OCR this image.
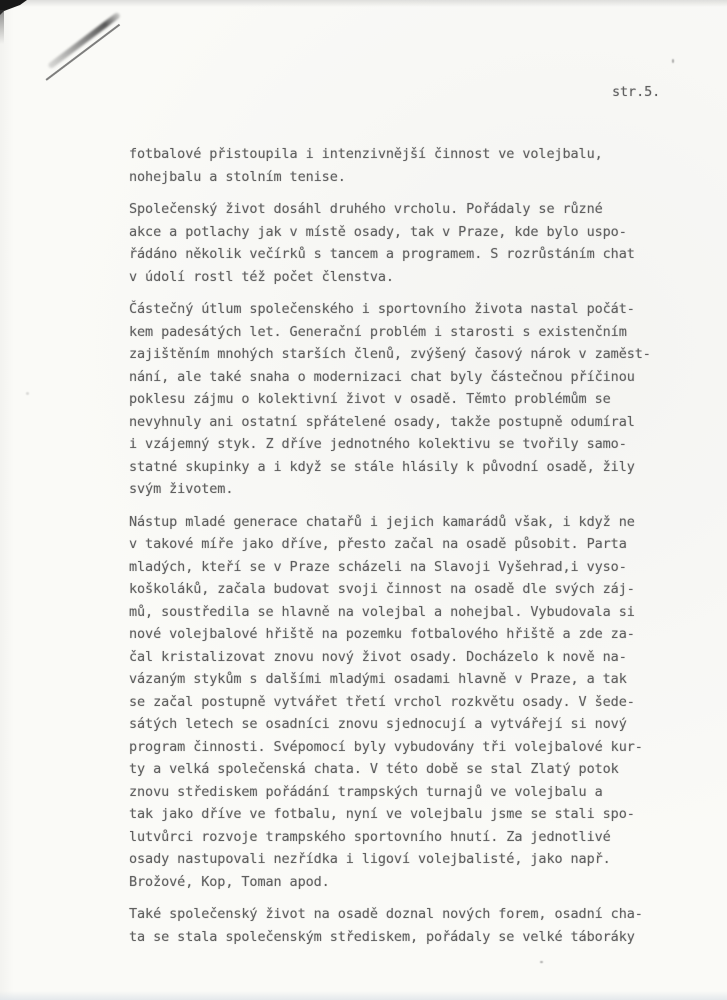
str.5.
fotbalové přistoupila i intenzivnější činnost ve volejbalu,
nohejbalu a stolním tenise.
Společenský život dosáhl druhého vrcholu. Pořádaly se různé
akce a potlachy jak v místě osady, tak v Praze, kde bylo uspo-
řádáno několik večírků s tancem a programem. S rozrůstáním chat
v údolí rostl též počet členstva.
Částečný útlum společenského i sportovního života nastal počát-
kem padesátých let. Generační problém i starosti s existenčním
zajištěním mnohých starších členů, zvýšený časový nárok v zaměst-
nání, ale také snaha o modernizaci chat byly částečnou příčinou
poklesu zájmu o kolektivní život v osadě. Těmto problémům se
nevyhnuly ani ostatní spřátelené osady, takže postupně odumíral
i vzájemný styk. Z dříve jednotného kolektivu se tvořily samo-
statné skupinky a i když se stále hlásily k původní osadě, žily
svým životem.
Nástup mladé generace chatařů i jejich kamarádů však, i když ne
v takové míře jako dříve, přesto začal na osadě působit. Parta
mladých, kteří se v Praze scházeli na Slavoji Vyšehrad,i vyso-
koškoláků, začala budovat svoji činnost na osadě dle svých záj-
mů, soustředila se hlavně na volejbal a nohejbal. Vybudovala si
nové volejbalové hřiště na pozemku fotbalového hřiště a zde za-
čal kristalizovat znovu nový život osady. Docházelo k nově na-
vázaným stykům s dalšími mladými osadami hlavně v Praze, a tak
se začal postupně vytvářet třetí vrchol rozkvětu osady. V šede-
sátých letech se osadníci znovu sjednocují a vytvářejí si nový
program činnosti. Svépomocí byly vybudovány tři volejbalové kur-
ty a velká společenská chata. V této době se stal Zlatý potok
znovu střediskem pořádání trampských turnajů ve volejbalu a
tak jako dříve ve fotbalu, nyní ve volejbalu jsme se stali spo-
lutvůrci rozvoje trampského sportovního hnutí. Za jednotlivé
osady nastupovali nezřídka i ligoví volejbalisté, jako např.
Brožové, Kop, Toman apod.
Také společenský život na osadě doznal nových forem, osadní cha-
ta se stala společenským střediskem, pořádaly se velké táboráky
